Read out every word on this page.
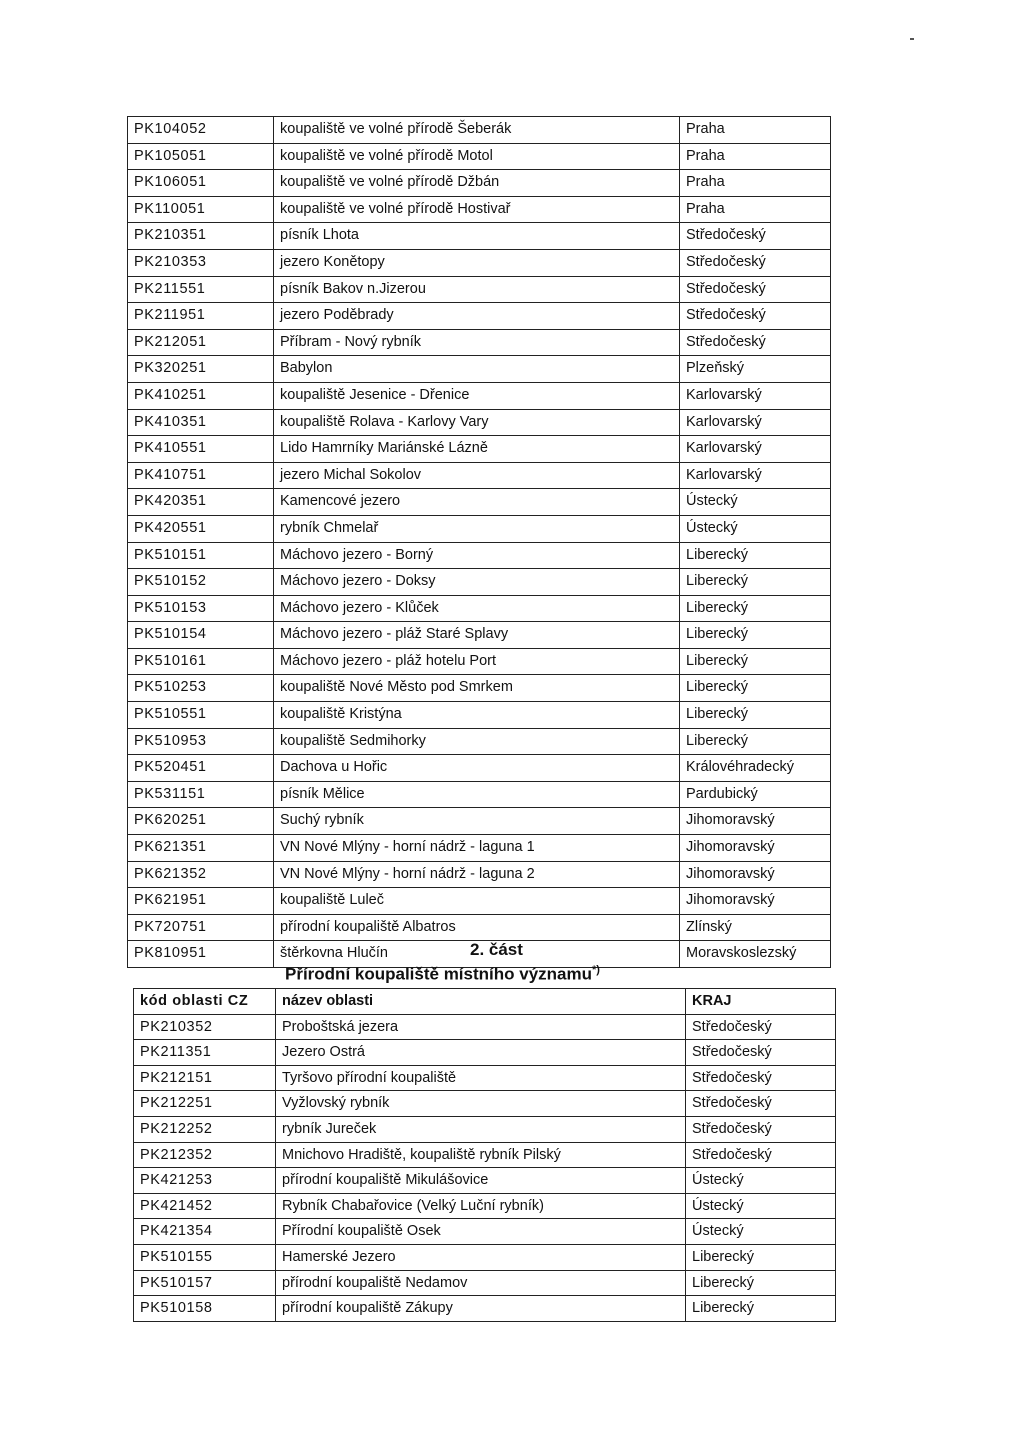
PK104052	koupaliště ve volné přírodě Šeberák	Praha
PK105051	koupaliště ve volné přírodě Motol	Praha
PK106051	koupaliště ve volné přírodě Džbán	Praha
PK110051	koupaliště ve volné přírodě Hostivař	Praha
PK210351	písník Lhota	Středočeský
PK210353	jezero Konětopy	Středočeský
PK211551	písník Bakov n.Jizerou	Středočeský
PK211951	jezero Poděbrady	Středočeský
PK212051	Příbram - Nový rybník	Středočeský
PK320251	Babylon	Plzeňský
PK410251	koupaliště Jesenice - Dřenice	Karlovarský
PK410351	koupaliště Rolava - Karlovy Vary	Karlovarský
PK410551	Lido Hamrníky Mariánské Lázně	Karlovarský
PK410751	jezero Michal Sokolov	Karlovarský
PK420351	Kamencové jezero	Ústecký
PK420551	rybník Chmelař	Ústecký
PK510151	Máchovo jezero - Borný	Liberecký
PK510152	Máchovo jezero - Doksy	Liberecký
PK510153	Máchovo jezero - Klůček	Liberecký
PK510154	Máchovo jezero - pláž Staré Splavy	Liberecký
PK510161	Máchovo jezero - pláž hotelu Port	Liberecký
PK510253	koupaliště Nové Město pod Smrkem	Liberecký
PK510551	koupaliště Kristýna	Liberecký
PK510953	koupaliště Sedmihorky	Liberecký
PK520451	Dachova u Hořic	Královéhradecký
PK531151	písník Mělice	Pardubický
PK620251	Suchý rybník	Jihomoravský
PK621351	VN Nové Mlýny - horní nádrž - laguna 1	Jihomoravský
PK621352	VN Nové Mlýny - horní nádrž - laguna 2	Jihomoravský
PK621951	koupaliště Luleč	Jihomoravský
PK720751	přírodní koupaliště Albatros	Zlínský
PK810951	štěrkovna Hlučín	Moravskoslezský
2. část
Přírodní koupaliště místního významu*)
kód oblasti CZ	název oblasti	KRAJ
PK210352	Proboštská jezera	Středočeský
PK211351	Jezero Ostrá	Středočeský
PK212151	Tyršovo přírodní koupaliště	Středočeský
PK212251	Vyžlovský rybník	Středočeský
PK212252	rybník Jureček	Středočeský
PK212352	Mnichovo Hradiště, koupaliště rybník Pilský	Středočeský
PK421253	přírodní koupaliště Mikulášovice	Ústecký
PK421452	Rybník Chabařovice (Velký Luční rybník)	Ústecký
PK421354	Přírodní koupaliště Osek	Ústecký
PK510155	Hamerské Jezero	Liberecký
PK510157	přírodní koupaliště Nedamov	Liberecký
PK510158	přírodní koupaliště Zákupy	Liberecký
